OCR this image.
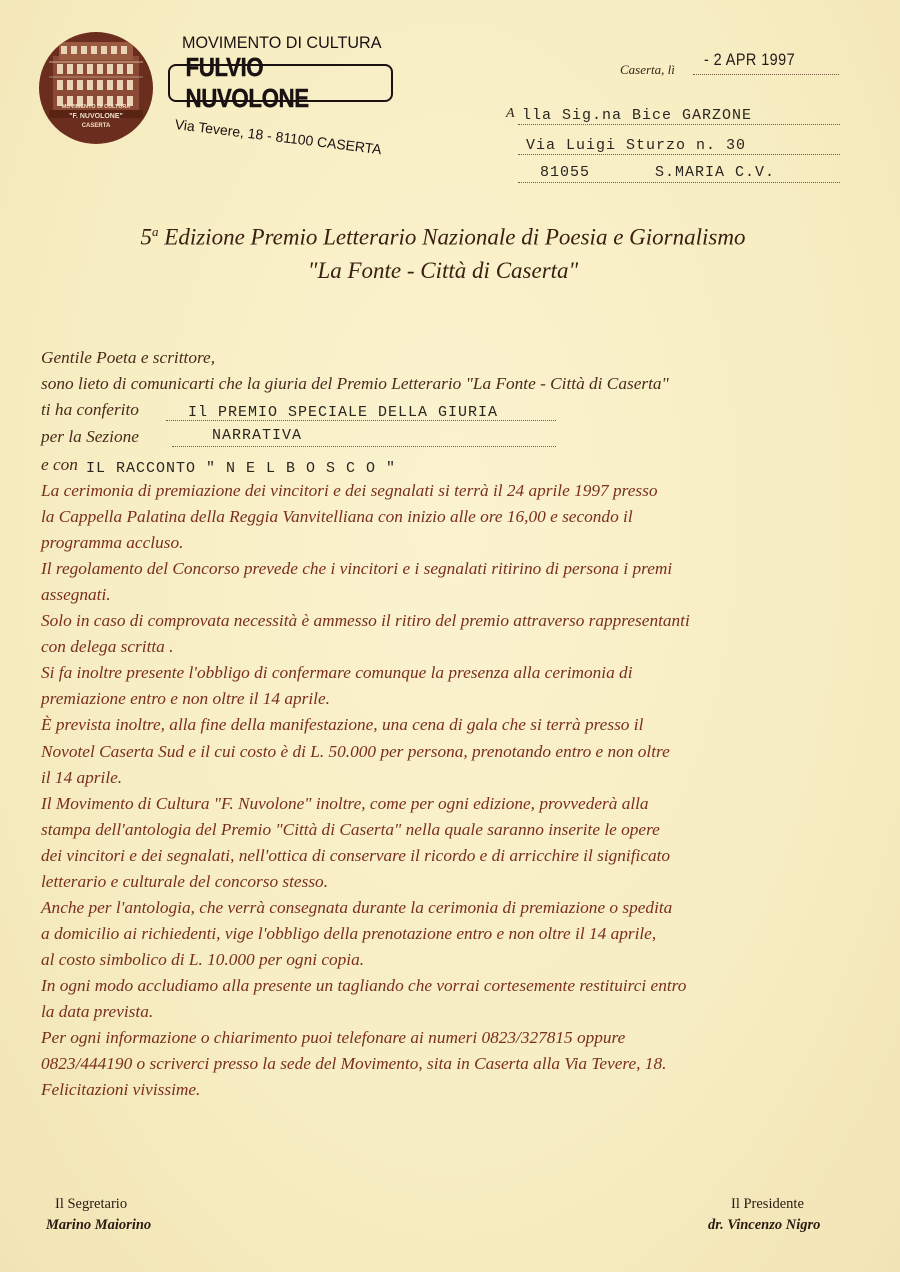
MOVIMENTO DI CULTURA
"F. NUVOLONE"
CASERTA
MOVIMENTO DI CULTURA
FULVIO NUVOLONE
Via Tevere, 18 - 81100 CASERTA
Caserta, lì
- 2 APR 1997
A lla Sig.na Bice GARZONE
Via Luigi Sturzo n. 30
81055	S.MARIA C.V.
5$^a$ Edizione Premio Letterario Nazionale di Poesia e Giornalismo
"La Fonte - Città di Caserta"
Gentile Poeta e scrittore,
sono lieto di comunicarti che la giuria del Premio Letterario "La Fonte - Città di Caserta"
ti ha conferito	Il PREMIO SPECIALE DELLA GIURIA
per la Sezione	NARRATIVA
e con IL RACCONTO " N E L B O S C O "
La cerimonia di premiazione dei vincitori e dei segnalati si terrà il 24 aprile 1997 presso
la Cappella Palatina della Reggia Vanvitelliana con inizio alle ore 16,00 e secondo il
programma accluso.
Il regolamento del Concorso prevede che i vincitori e i segnalati ritirino di persona i premi
assegnati.
Solo in caso di comprovata necessità è ammesso il ritiro del premio attraverso rappresentanti
con delega scritta .
Si fa inoltre presente l'obbligo di confermare comunque la presenza alla cerimonia di
premiazione entro e non oltre il 14 aprile.
È prevista inoltre, alla fine della manifestazione, una cena di gala che si terrà presso il
Novotel Caserta Sud e il cui costo è di L. 50.000 per persona, prenotando entro e non oltre
il 14 aprile.
Il Movimento di Cultura "F. Nuvolone" inoltre, come per ogni edizione, provvederà alla
stampa dell'antologia del Premio "Città di Caserta" nella quale saranno inserite le opere
dei vincitori e dei segnalati, nell'ottica di conservare il ricordo e di arricchire il significato
letterario e culturale del concorso stesso.
Anche per l'antologia, che verrà consegnata durante la cerimonia di premiazione o spedita
a domicilio ai richiedenti, vige l'obbligo della prenotazione entro e non oltre il 14 aprile,
al costo simbolico di L. 10.000 per ogni copia.
In ogni modo accludiamo alla presente un tagliando che vorrai cortesemente restituirci entro
la data prevista.
Per ogni informazione o chiarimento puoi telefonare ai numeri 0823/327815 oppure
0823/444190 o scriverci presso la sede del Movimento, sita in Caserta alla Via Tevere, 18.
Felicitazioni vivissime.
Il Segretario
Marino Maiorino
Il Presidente
dr. Vincenzo Nigro
